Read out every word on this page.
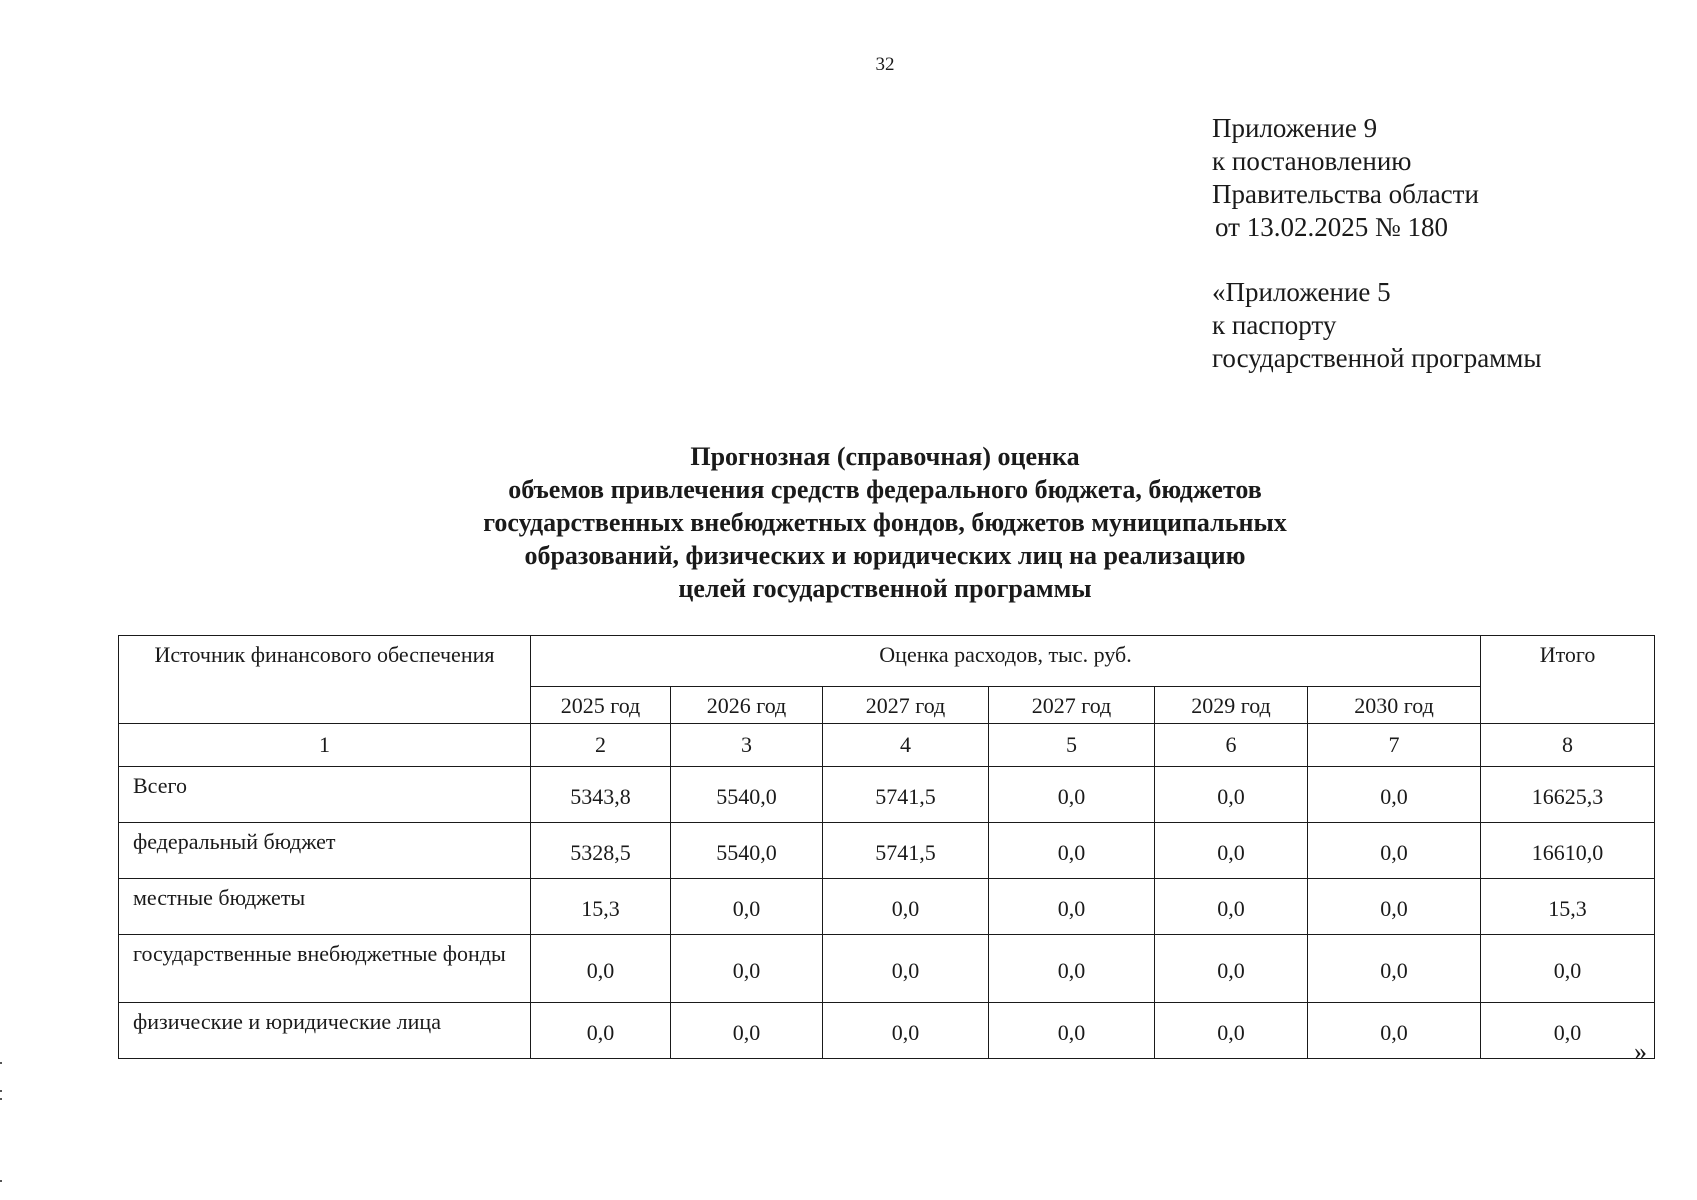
32
Приложение 9
к постановлению
Правительства области
от 13.02.2025 № 180
«Приложение 5
к паспорту
государственной программы
Прогнозная (справочная) оценка
объемов привлечения средств федерального бюджета, бюджетов
государственных внебюджетных фондов, бюджетов муниципальных
образований, физических и юридических лиц на реализацию
целей государственной программы
Источник финансового обеспечения	Оценка расходов, тыс. руб.						Итого
	2025 год	2026 год	2027 год	2027 год	2029 год	2030 год	
1	2	3	4	5	6	7	8
Всего	5343,8	5540,0	5741,5	0,0	0,0	0,0	16625,3
федеральный бюджет	5328,5	5540,0	5741,5	0,0	0,0	0,0	16610,0
местные бюджеты	15,3	0,0	0,0	0,0	0,0	0,0	15,3
государственные внебюджетные фонды	0,0	0,0	0,0	0,0	0,0	0,0	0,0
физические и юридические лица	0,0	0,0	0,0	0,0	0,0	0,0	0,0
»
